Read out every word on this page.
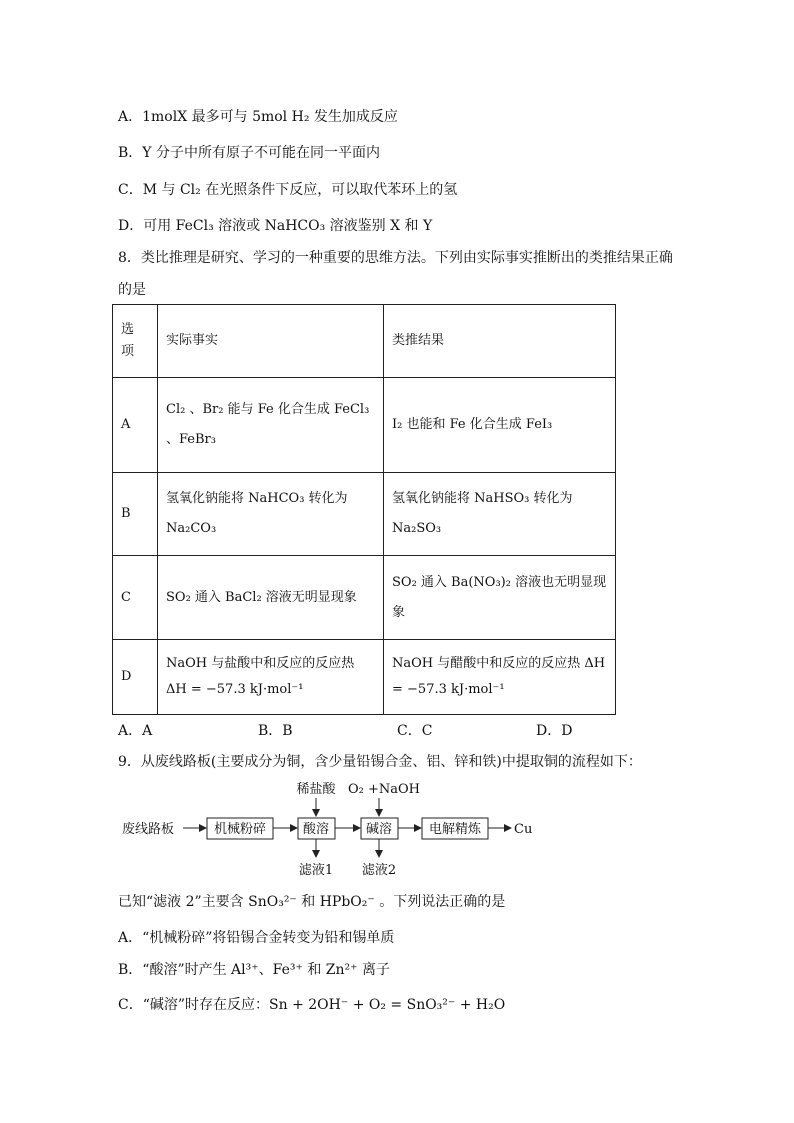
A．1molX 最多可与 5mol H₂ 发生加成反应
B．Y 分子中所有原子不可能在同一平面内
C．M 与 Cl₂ 在光照条件下反应，可以取代苯环上的氢
D．可用 FeCl₃ 溶液或 NaHCO₃ 溶液鉴别 X 和 Y
8．类比推理是研究、学习的一种重要的思维方法。下列由实际事实推断出的类推结果正确
的是
选项	实际事实	类推结果
A	Cl₂ 、Br₂ 能与 Fe 化合生成 FeCl₃ 、FeBr₃	I₂ 也能和 Fe 化合生成 FeI₃
B	氢氧化钠能将 NaHCO₃ 转化为 Na₂CO₃	氢氧化钠能将 NaHSO₃ 转化为 Na₂SO₃
C	SO₂ 通入 BaCl₂ 溶液无明显现象	SO₂ 通入 Ba(NO₃)₂ 溶液也无明显现象
D	NaOH 与盐酸中和反应的反应热 ΔH = −57.3 kJ·mol⁻¹	NaOH 与醋酸中和反应的反应热 ΔH = −57.3 kJ·mol⁻¹
A．A	B．B	C．C	D．D
9．从废线路板(主要成分为铜，含少量铅锡合金、铝、锌和铁)中提取铜的流程如下：
废线路板	机械粉碎	酸溶	碱溶	电解精炼	Cu
稀盐酸 O₂ +NaOH
滤液1 滤液2
已知“滤液 2”主要含 SnO₃²⁻ 和 HPbO₂⁻ 。下列说法正确的是
A．“机械粉碎”将铅锡合金转变为铅和锡单质
B．“酸溶”时产生 Al³⁺、Fe³⁺ 和 Zn²⁺ 离子
C．“碱溶”时存在反应：Sn + 2OH⁻ + O₂ = SnO₃²⁻ + H₂O
